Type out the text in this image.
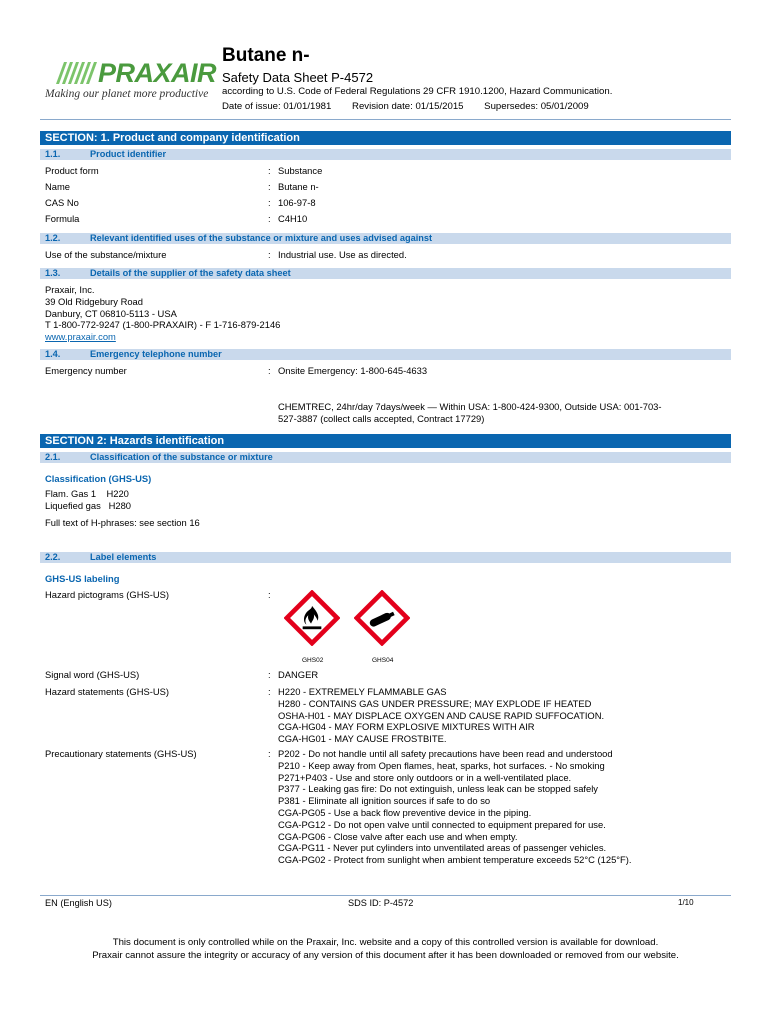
PRAXAIR
Making our planet more productive
Butane n-
Safety Data Sheet P-4572
according to U.S. Code of Federal Regulations 29 CFR 1910.1200, Hazard Communication.
Date of issue: 01/01/1981 Revision date: 01/15/2015 Supersedes: 05/01/2009
SECTION: 1. Product and company identification
1.1.	Product identifier
Product form	: Substance
Name	: Butane n-
CAS No	: 106-97-8
Formula	: C4H10
1.2.	Relevant identified uses of the substance or mixture and uses advised against
Use of the substance/mixture	: Industrial use. Use as directed.
1.3.	Details of the supplier of the safety data sheet
Praxair, Inc.
39 Old Ridgebury Road
Danbury, CT 06810-5113 - USA
T 1-800-772-9247 (1-800-PRAXAIR) - F 1-716-879-2146
www.praxair.com
1.4.	Emergency telephone number
Emergency number	: Onsite Emergency: 1-800-645-4633
CHEMTREC, 24hr/day 7days/week — Within USA: 1-800-424-9300, Outside USA: 001-703-
527-3887 (collect calls accepted, Contract 17729)
SECTION 2: Hazards identification
2.1.	Classification of the substance or mixture
Classification (GHS-US)
Flam. Gas 1    H220
Liquefied gas   H280
Full text of H-phrases: see section 16
2.2.	Label elements
GHS-US labeling
Hazard pictograms (GHS-US)	:
GHS02	GHS04
Signal word (GHS-US)	: DANGER
Hazard statements (GHS-US)	: H220 - EXTREMELY FLAMMABLE GAS
H280 - CONTAINS GAS UNDER PRESSURE; MAY EXPLODE IF HEATED
OSHA-H01 - MAY DISPLACE OXYGEN AND CAUSE RAPID SUFFOCATION.
CGA-HG04 - MAY FORM EXPLOSIVE MIXTURES WITH AIR
CGA-HG01 - MAY CAUSE FROSTBITE.
Precautionary statements (GHS-US)	: P202 - Do not handle until all safety precautions have been read and understood
P210 - Keep away from Open flames, heat, sparks, hot surfaces. - No smoking
P271+P403 - Use and store only outdoors or in a well-ventilated place.
P377 - Leaking gas fire: Do not extinguish, unless leak can be stopped safely
P381 - Eliminate all ignition sources if safe to do so
CGA-PG05 - Use a back flow preventive device in the piping.
CGA-PG12 - Do not open valve until connected to equipment prepared for use.
CGA-PG06 - Close valve after each use and when empty.
CGA-PG11 - Never put cylinders into unventilated areas of passenger vehicles.
CGA-PG02 - Protect from sunlight when ambient temperature exceeds 52°C (125°F).
EN (English US)	SDS ID: P-4572	1/10
This document is only controlled while on the Praxair, Inc. website and a copy of this controlled version is available for download.
Praxair cannot assure the integrity or accuracy of any version of this document after it has been downloaded or removed from our website.
